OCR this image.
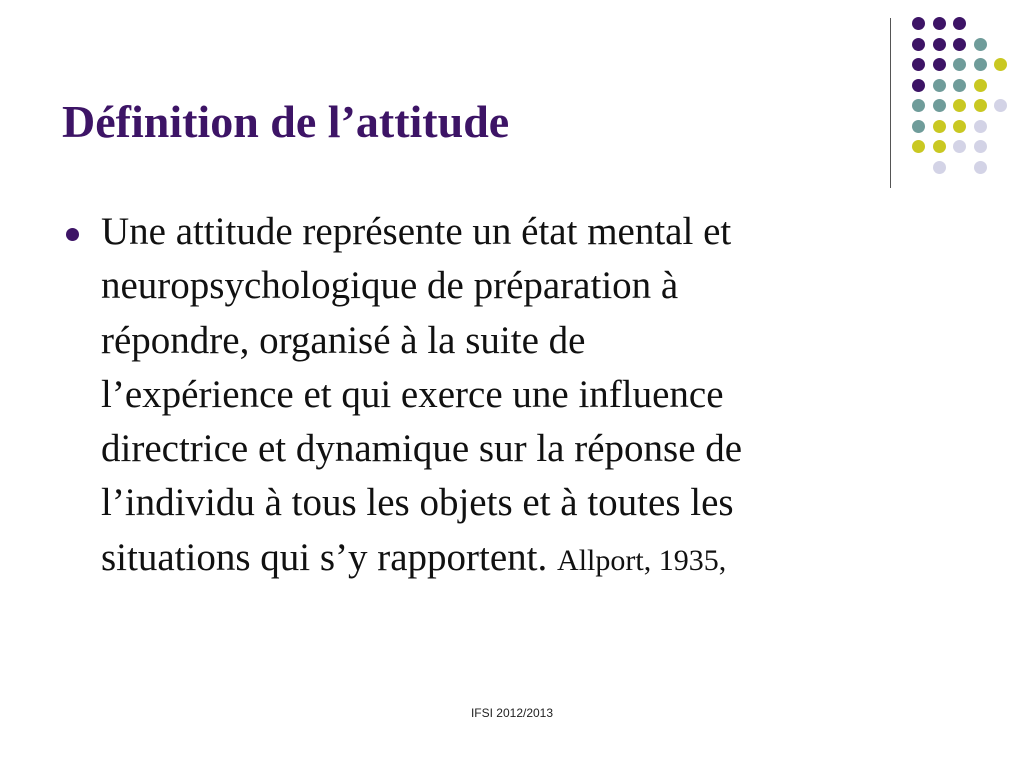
Définition de l’attitude

Une attitude représente un état mental et
neuropsychologique de préparation à
répondre, organisé à la suite de
l’expérience et qui exerce une influence
directrice et dynamique sur la réponse de
l’individu à tous les objets et à toutes les
situations qui s’y rapportent. Allport, 1935,

IFSI 2012/2013
